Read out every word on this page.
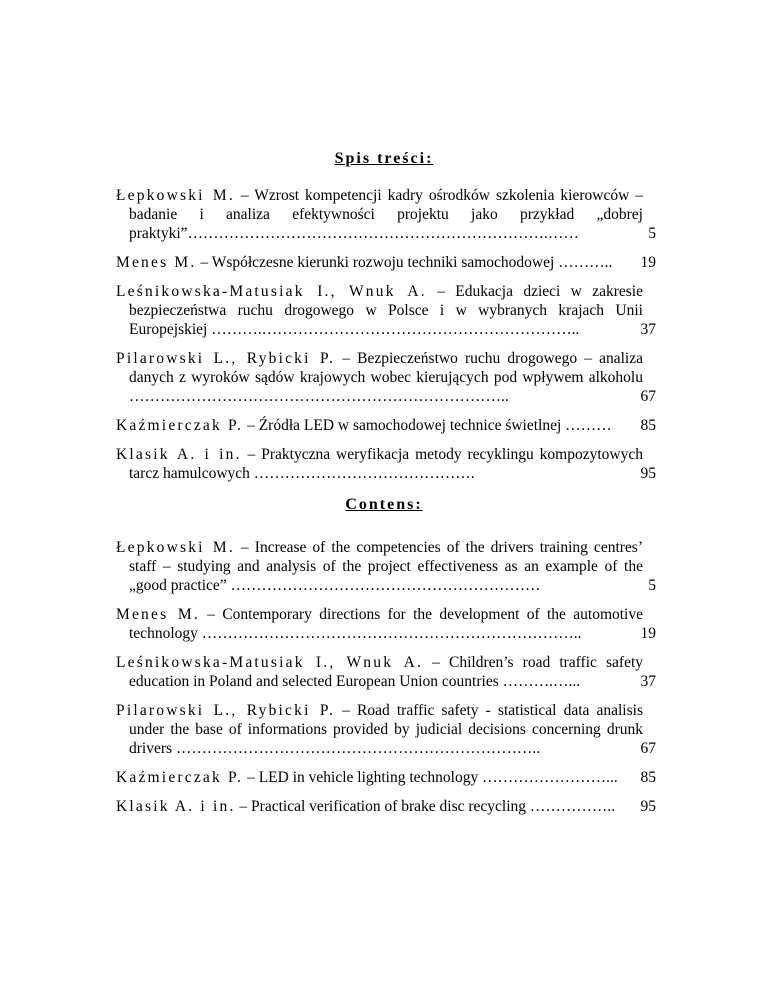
Spis treści:
Łepkowski M. – Wzrost kompetencji kadry ośrodków szkolenia kierowców – badanie i analiza efektywności projektu jako przykład „dobrej praktyki”…………………………………………………………….……	5
Menes M. – Współczesne kierunki rozwoju techniki samochodowej ………..	19
Leśnikowska-Matusiak I., Wnuk A. – Edukacja dzieci w zakresie bezpieczeństwa ruchu drogowego w Polsce i w wybranych krajach Unii Europejskiej ……….……………………………………………………..	37
Pilarowski L., Rybicki P. – Bezpieczeństwo ruchu drogowego – analiza danych z wyroków sądów krajowych wobec kierujących pod wpływem alkoholu ………………………………………………………………..	67
Kaźmierczak P. – Źródła LED w samochodowej technice świetlnej ………	85
Klasik A. i in. – Praktyczna weryfikacja metody recyklingu kompozytowych tarcz hamulcowych …………………………………….	95
Contens:
Łepkowski M. – Increase of the competencies of the drivers training centres’ staff – studying and analysis of the project effectiveness as an example of the „good practice” ……………………………………………………	5
Menes M. – Contemporary directions for the development of the automotive technology ………………………………………………………………..	19
Leśnikowska-Matusiak I., Wnuk A. – Children’s road traffic safety education in Poland and selected European Union countries ……….…...	37
Pilarowski L., Rybicki P. – Road traffic safety - statistical data analisis under the base of informations provided by judicial decisions concerning drunk drivers ……………………………………………………………..	67
Kaźmierczak P. – LED in vehicle lighting technology ……………………...	85
Klasik A. i in. – Practical verification of brake disc recycling ……………..	95
